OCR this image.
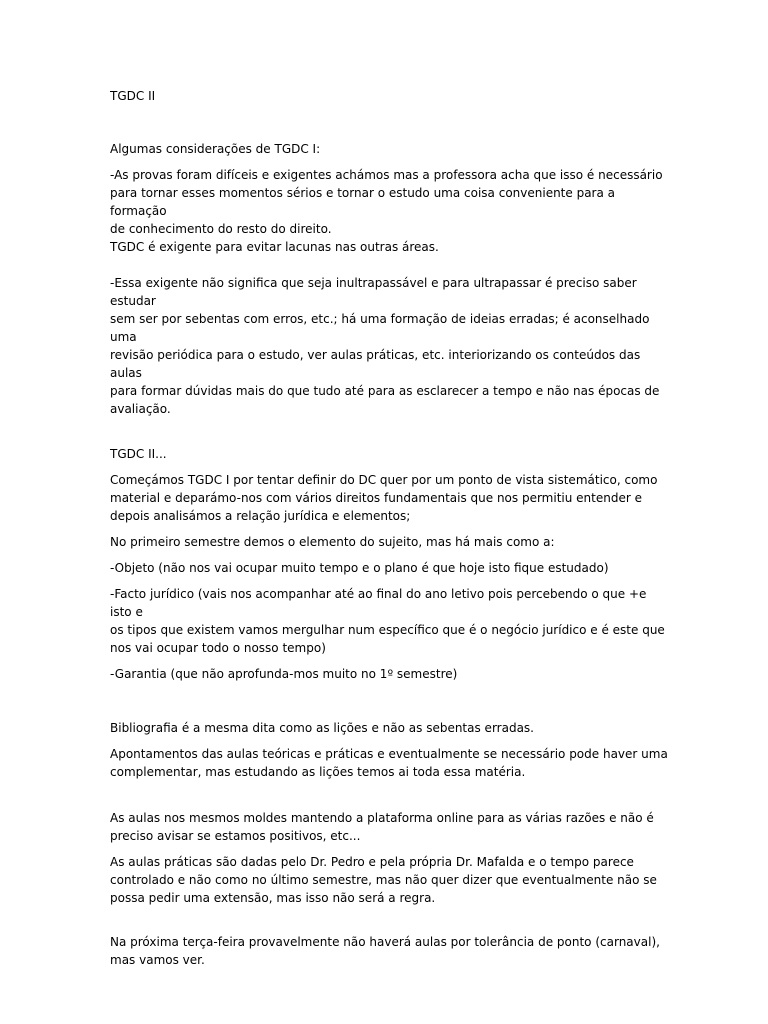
TGDC II

Algumas considerações de TGDC I:

-As provas foram difíceis e exigentes achámos mas a professora acha que isso é necessário

para tornar esses momentos sérios e tornar o estudo uma coisa conveniente para a formação

de conhecimento do resto do direito.

TGDC é exigente para evitar lacunas nas outras áreas.

-Essa exigente não significa que seja inultrapassável e para ultrapassar é preciso saber estudar

sem ser por sebentas com erros, etc.; há uma formação de ideias erradas; é aconselhado uma

revisão periódica para o estudo, ver aulas práticas, etc. interiorizando os conteúdos das aulas

para formar dúvidas mais do que tudo até para as esclarecer a tempo e não nas épocas de

avaliação.

TGDC II...

Começámos TGDC I por tentar definir do DC quer por um ponto de vista sistemático, como

material e deparámo-nos com vários direitos fundamentais que nos permitiu entender e

depois analisámos a relação jurídica e elementos;

No primeiro semestre demos o elemento do sujeito, mas há mais como a:

-Objeto (não nos vai ocupar muito tempo e o plano é que hoje isto fique estudado)

-Facto jurídico (vais nos acompanhar até ao final do ano letivo pois percebendo o que +e isto e

os tipos que existem vamos mergulhar num específico que é o negócio jurídico e é este que

nos vai ocupar todo o nosso tempo)

-Garantia (que não aprofunda-mos muito no 1º semestre)

Bibliografia é a mesma dita como as lições e não as sebentas erradas.

Apontamentos das aulas teóricas e práticas e eventualmente se necessário pode haver uma

complementar, mas estudando as lições temos ai toda essa matéria.

As aulas nos mesmos moldes mantendo a plataforma online para as várias razões e não é

preciso avisar se estamos positivos, etc...

As aulas práticas são dadas pelo Dr. Pedro e pela própria Dr. Mafalda e o tempo parece

controlado e não como no último semestre, mas não quer dizer que eventualmente não se

possa pedir uma extensão, mas isso não será a regra.

Na próxima terça-feira provavelmente não haverá aulas por tolerância de ponto (carnaval),

mas vamos ver.
